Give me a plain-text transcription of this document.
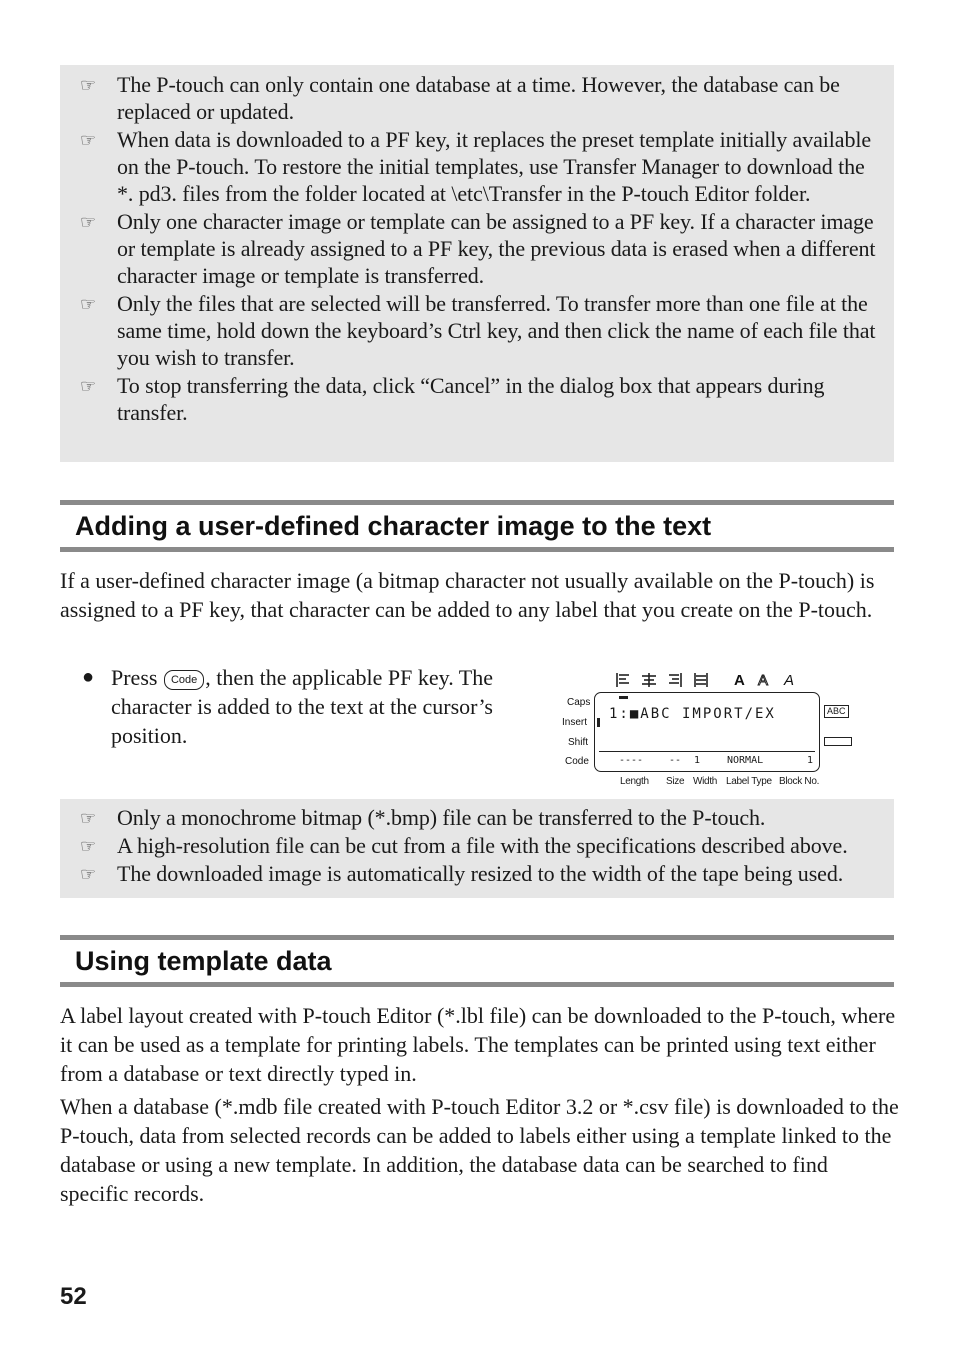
☞ The P-touch can only contain one database at a time. However, the database can be replaced or updated.
☞ When data is downloaded to a PF key, it replaces the preset template initially available on the P-touch. To restore the initial templates, use Transfer Manager to download the *. pd3. files from the folder located at \etc\Transfer in the P-touch Editor folder.
☞ Only one character image or template can be assigned to a PF key. If a character image or template is already assigned to a PF key, the previous data is erased when a different character image or template is transferred.
☞ Only the files that are selected will be transferred. To transfer more than one file at the same time, hold down the keyboard’s Ctrl key, and then click the name of each file that you wish to transfer.
☞ To stop transferring the data, click “Cancel” in the dialog box that appears during transfer.
Adding a user-defined character image to the text

If a user-defined character image (a bitmap character not usually available on the P-touch) is assigned to a PF key, that character can be added to any label that you create on the P-touch.

● Press Code , then the applicable PF key. The character is added to the text at the cursor’s position.
A A A
Caps
Insert
Shift
Code
1:■ABC IMPORT/EX
----	-- 1	NORMAL	1
ABC
Length Size Width Label Type Block No.
☞ Only a monochrome bitmap (*.bmp) file can be transferred to the P-touch.
☞ A high-resolution file can be cut from a file with the specifications described above.
☞ The downloaded image is automatically resized to the width of the tape being used.
Using template data

A label layout created with P-touch Editor (*.lbl file) can be downloaded to the P-touch, where it can be used as a template for printing labels. The templates can be printed using text either from a database or text directly typed in.

When a database (*.mdb file created with P-touch Editor 3.2 or *.csv file) is downloaded to the P-touch, data from selected records can be added to labels either using a template linked to the database or using a new template. In addition, the database data can be searched to find specific records.

52
